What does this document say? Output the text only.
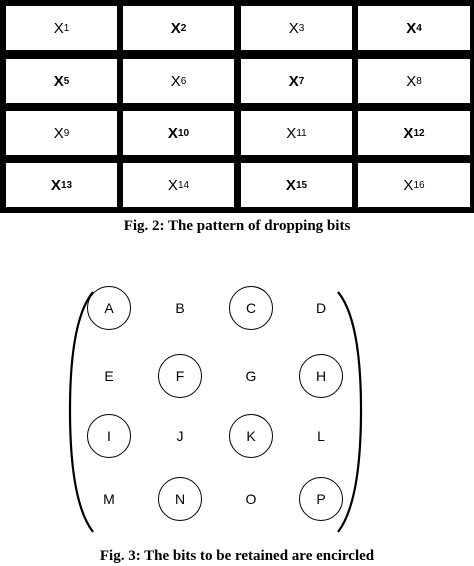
X 1	X 2	X 3	X 4
X 5	X 6	X 7	X 8
X 9	X 10	X 11	X 12
X 13	X 14	X 15	X 16
Fig. 2: The pattern of dropping bits
A	B	C	D
E	F	G	H
I	J	K	L
M	N	O	P
Fig. 3: The bits to be retained are encircled
